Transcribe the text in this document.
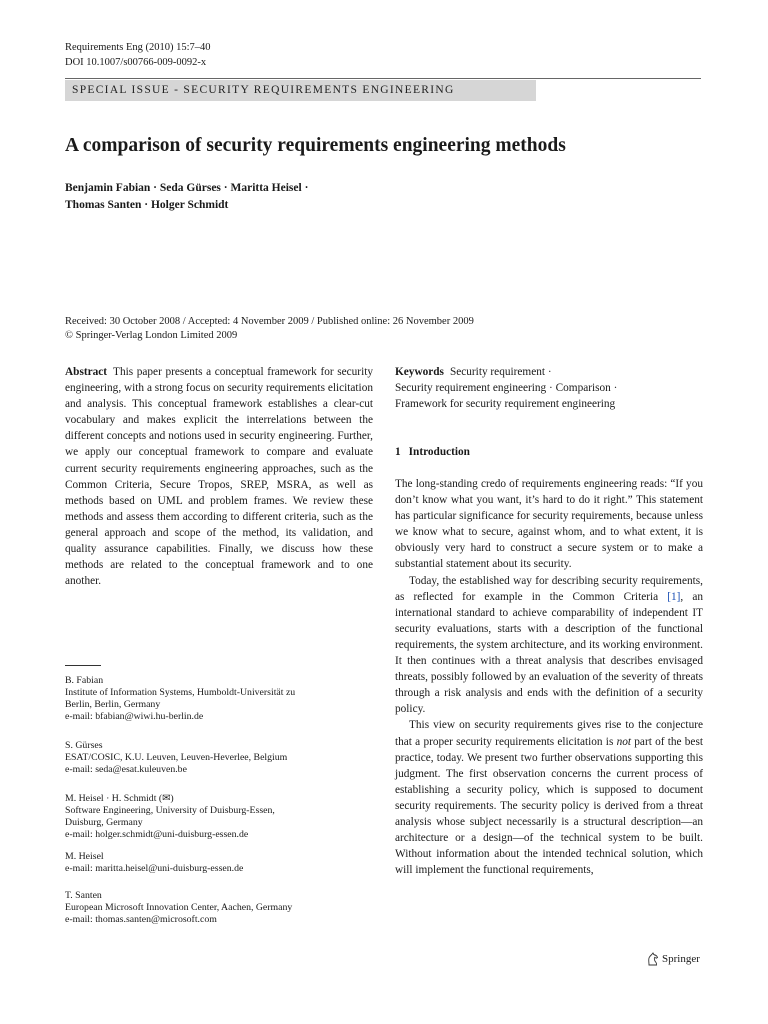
Requirements Eng (2010) 15:7–40
DOI 10.1007/s00766-009-0092-x
SPECIAL ISSUE - SECURITY REQUIREMENTS ENGINEERING
A comparison of security requirements engineering methods
Benjamin Fabian · Seda Gürses · Maritta Heisel ·
Thomas Santen · Holger Schmidt
Received: 30 October 2008 / Accepted: 4 November 2009 / Published online: 26 November 2009
© Springer-Verlag London Limited 2009
Abstract This paper presents a conceptual framework for security engineering, with a strong focus on security requirements elicitation and analysis. This conceptual framework establishes a clear-cut vocabulary and makes explicit the interrelations between the different concepts and notions used in security engineering. Further, we apply our conceptual framework to compare and evaluate current security requirements engineering approaches, such as the Common Criteria, Secure Tropos, SREP, MSRA, as well as methods based on UML and problem frames. We review these methods and assess them according to different criteria, such as the general approach and scope of the method, its validation, and quality assurance capabilities. Finally, we discuss how these methods are related to the conceptual framework and to one another.
B. Fabian
Institute of Information Systems, Humboldt-Universität zu
Berlin, Berlin, Germany
e-mail: bfabian@wiwi.hu-berlin.de
S. Gürses
ESAT/COSIC, K.U. Leuven, Leuven-Heverlee, Belgium
e-mail: seda@esat.kuleuven.be
M. Heisel · H. Schmidt (✉)
Software Engineering, University of Duisburg-Essen,
Duisburg, Germany
e-mail: holger.schmidt@uni-duisburg-essen.de
M. Heisel
e-mail: maritta.heisel@uni-duisburg-essen.de
T. Santen
European Microsoft Innovation Center, Aachen, Germany
e-mail: thomas.santen@microsoft.com
Keywords Security requirement ·
Security requirement engineering · Comparison ·
Framework for security requirement engineering
1 Introduction

The long-standing credo of requirements engineering reads: “If you don’t know what you want, it’s hard to do it right.” This statement has particular significance for security requirements, because unless we know what to secure, against whom, and to what extent, it is obviously very hard to construct a secure system or to make a substantial statement about its security.

Today, the established way for describing security requirements, as reflected for example in the Common Criteria [1], an international standard to achieve comparability of independent IT security evaluations, starts with a description of the functional requirements, the system architecture, and its working environment. It then continues with a threat analysis that describes envisaged threats, possibly followed by an evaluation of the severity of threats through a risk analysis and ends with the definition of a security policy.

This view on security requirements gives rise to the conjecture that a proper security requirements elicitation is not part of the best practice, today. We present two further observations supporting this judgment. The first observation concerns the current process of establishing a security policy, which is supposed to document security requirements. The security policy is derived from a threat analysis whose subject necessarily is a structural description—an architecture or a design—of the technical system to be built. Without information about the intended technical solution, which will implement the functional requirements,

Springer
